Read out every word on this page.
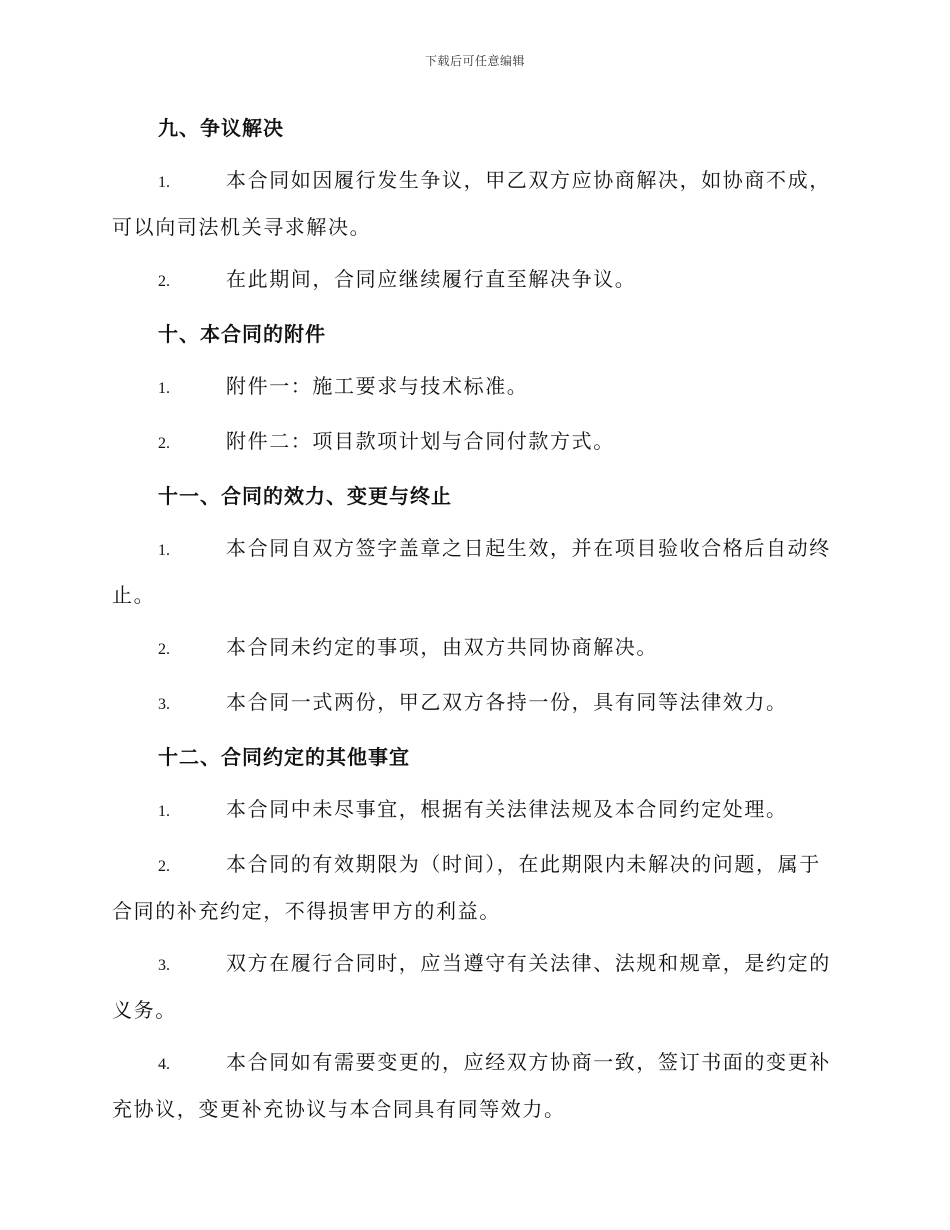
下载后可任意编辑
九、争议解决
1.	本合同如因履行发生争议，甲乙双方应协商解决，如协商不成，可以向司法机关寻求解决。
2.	在此期间，合同应继续履行直至解决争议。
十、本合同的附件
1.	附件一：施工要求与技术标准。
2.	附件二：项目款项计划与合同付款方式。
十一、合同的效力、变更与终止
1.	本合同自双方签字盖章之日起生效，并在项目验收合格后自动终止。
2.	本合同未约定的事项，由双方共同协商解决。
3.	本合同一式两份，甲乙双方各持一份，具有同等法律效力。
十二、合同约定的其他事宜
1.	本合同中未尽事宜，根据有关法律法规及本合同约定处理。
2.	本合同的有效期限为（时间），在此期限内未解决的问题，属于合同的补充约定，不得损害甲方的利益。
3.	双方在履行合同时，应当遵守有关法律、法规和规章，是约定的义务。
4.	本合同如有需要变更的，应经双方协商一致，签订书面的变更补充协议，变更补充协议与本合同具有同等效力。
